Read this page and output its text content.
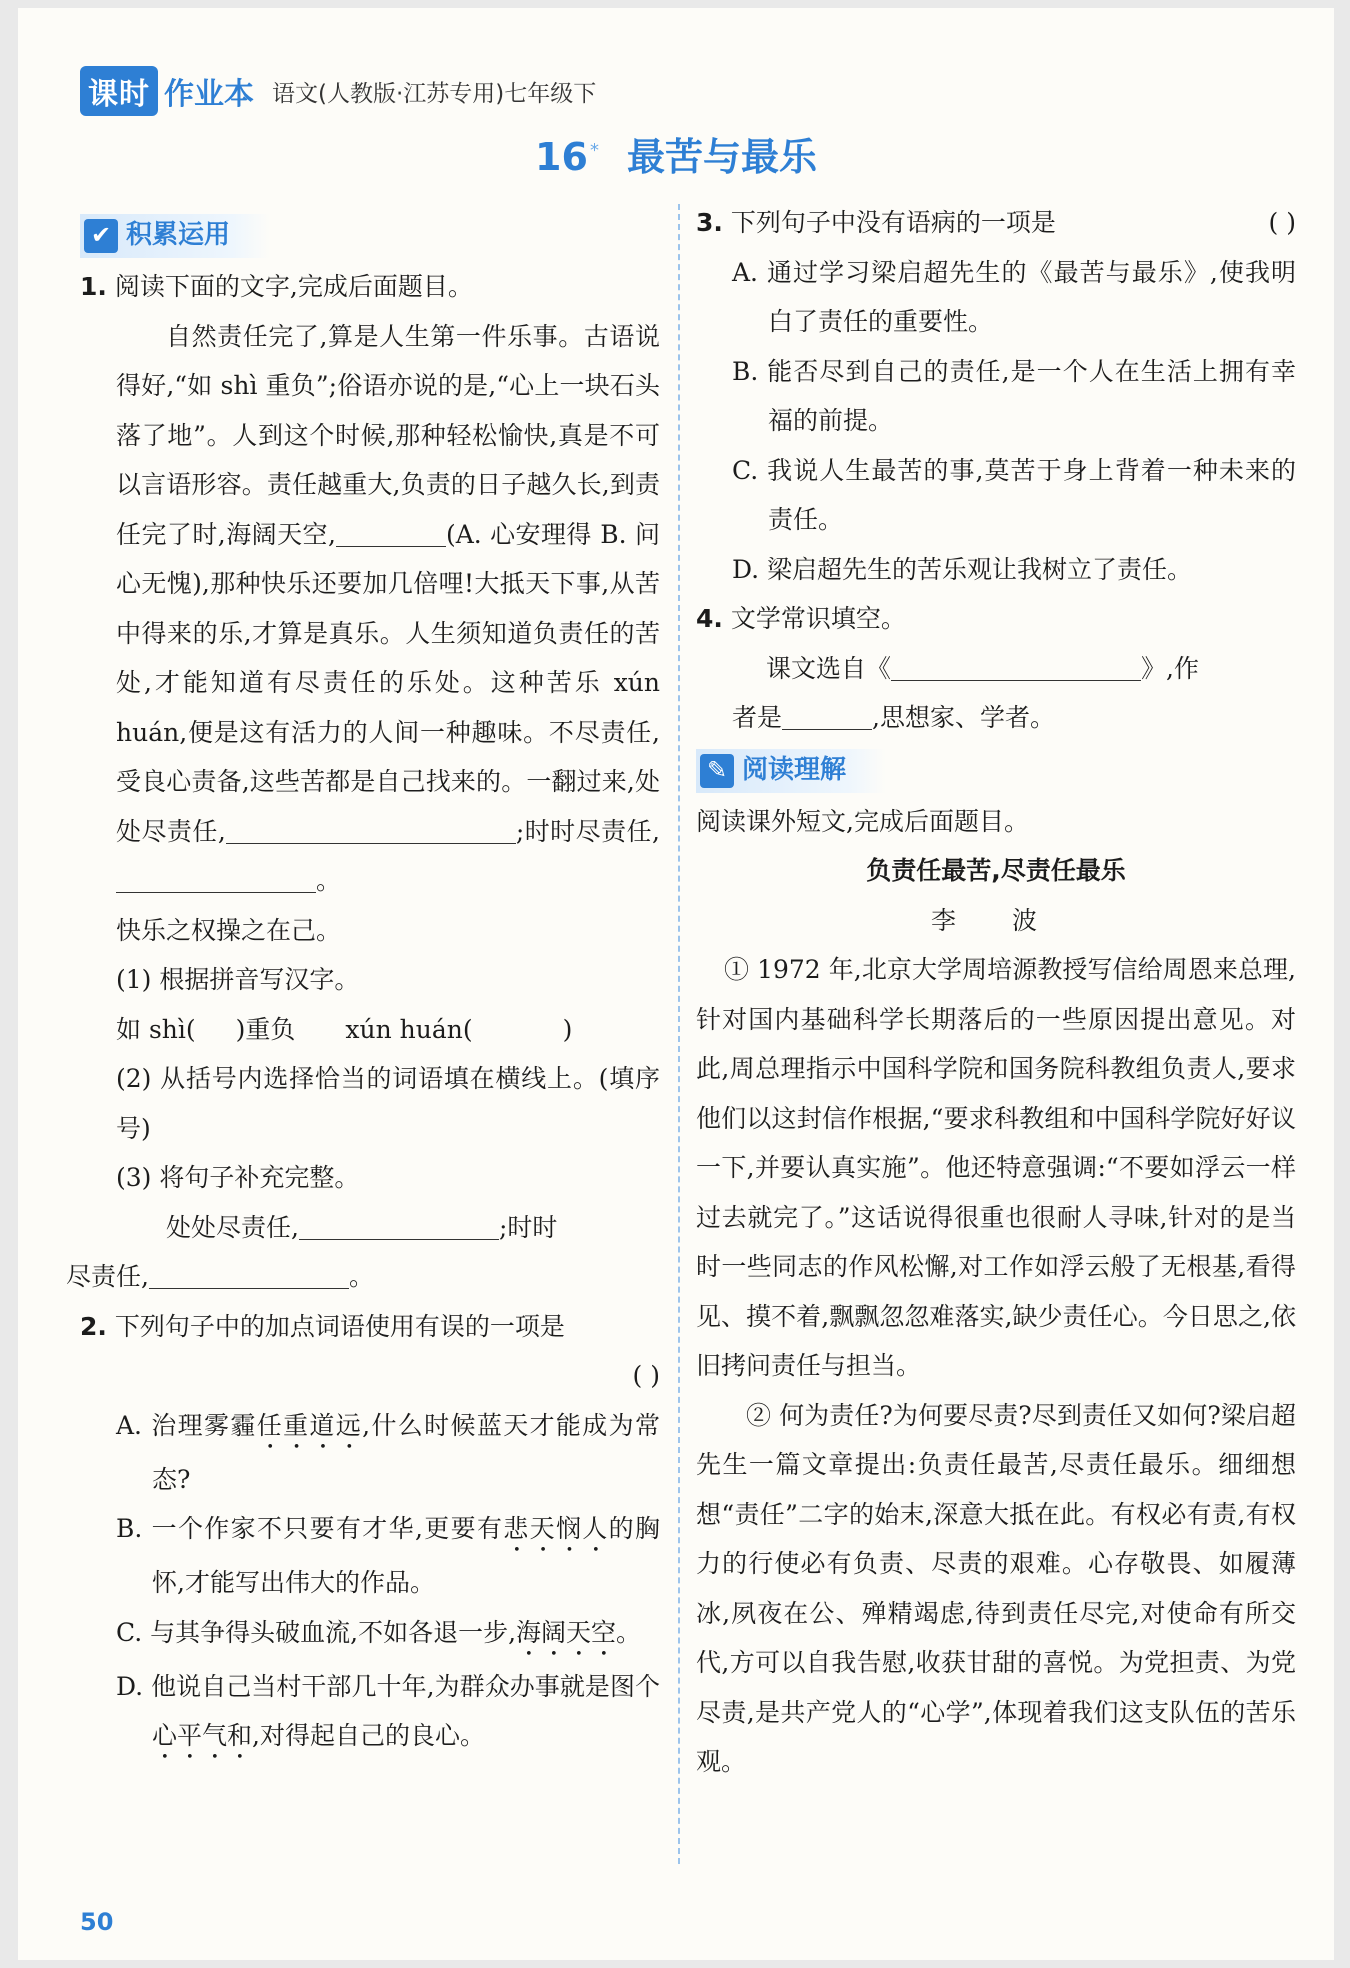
课时 作业本 语文(人教版·江苏专用)七年级下
16 * 最苦与最乐
✔ 积累运用

1. 阅读下面的文字,完成后面题目。

自然责任完了,算是人生第一件乐事。古语说得好,“如 shì 重负”;俗语亦说的是,“心上一块石头落了地”。人到这个时候,那种轻松愉快,真是不可以言语形容。责任越重大,负责的日子越久长,到责任完了时,海阔天空,	(A. 心安理得 B. 问心无愧),那种快乐还要加几倍哩!大抵天下事,从苦中得来的乐,才算是真乐。人生须知道负责任的苦处,才能知道有尽责任的乐处。这种苦乐 xún huán,便是这有活力的人间一种趣味。不尽责任,受良心责备,这些苦都是自己找来的。一翻过来,处处尽责任,	;时时尽责任,。

快乐之权操之在己。

(1) 根据拼音写汉字。

如 shì( )重负 xún huán(	)

(2) 从括号内选择恰当的词语填在横线上。(填序号)

(3) 将句子补充完整。

处处尽责任,	;时时
尽责任,	。

2. 下列句子中的加点词语使用有误的一项是

( )

A. 治理雾霾任重道远,什么时候蓝天才能成为常态?

B. 一个作家不只要有才华,更要有悲天悯人的胸怀,才能写出伟大的作品。

C. 与其争得头破血流,不如各退一步,海阔天空。

D. 他说自己当村干部几十年,为群众办事就是图个心平气和,对得起自己的良心。

3. 下列句子中没有语病的一项是	( )

A. 通过学习梁启超先生的《最苦与最乐》,使我明白了责任的重要性。

B. 能否尽到自己的责任,是一个人在生活上拥有幸福的前提。

C. 我说人生最苦的事,莫苦于身上背着一种未来的责任。

D. 梁启超先生的苦乐观让我树立了责任。

4. 文学常识填空。

课文选自《	》,作

者是	,思想家、学者。

✎ 阅读理解

阅读课外短文,完成后面题目。

负责任最苦,尽责任最乐

李 波

① 1972 年,北京大学周培源教授写信给周恩来总理,针对国内基础科学长期落后的一些原因提出意见。对此,周总理指示中国科学院和国务院科教组负责人,要求他们以这封信作根据,“要求科教组和中国科学院好好议一下,并要认真实施”。他还特意强调:“不要如浮云一样过去就完了。”这话说得很重也很耐人寻味,针对的是当时一些同志的作风松懈,对工作如浮云般了无根基,看得见、摸不着,飘飘忽忽难落实,缺少责任心。今日思之,依旧拷问责任与担当。

② 何为责任?为何要尽责?尽到责任又如何?梁启超先生一篇文章提出:负责任最苦,尽责任最乐。细细想想“责任”二字的始末,深意大抵在此。有权必有责,有权力的行使必有负责、尽责的艰难。心存敬畏、如履薄冰,夙夜在公、殚精竭虑,待到责任尽完,对使命有所交代,方可以自我告慰,收获甘甜的喜悦。为党担责、为党尽责,是共产党人的“心学”,体现着我们这支队伍的苦乐观。

50
